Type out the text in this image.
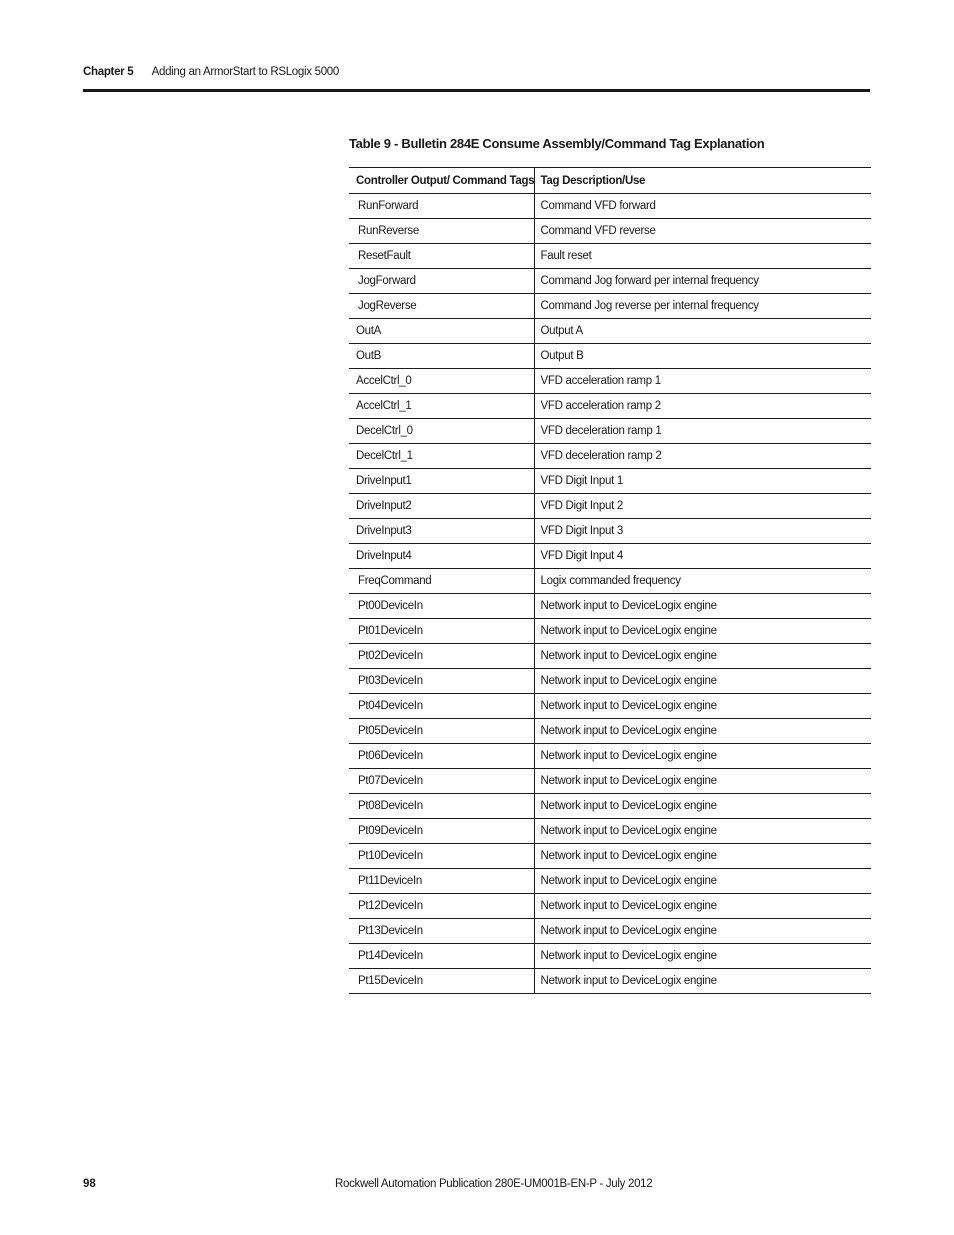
Chapter 5 Adding an ArmorStart to RSLogix 5000
Table 9 - Bulletin 284E Consume Assembly/Command Tag Explanation
Controller Output/ Command Tags	Tag Description/Use
RunForward	Command VFD forward
RunReverse	Command VFD reverse
ResetFault	Fault reset
JogForward	Command Jog forward per internal frequency
JogReverse	Command Jog reverse per internal frequency
OutA	Output A
OutB	Output B
AccelCtrl_0	VFD acceleration ramp 1
AccelCtrl_1	VFD acceleration ramp 2
DecelCtrl_0	VFD deceleration ramp 1
DecelCtrl_1	VFD deceleration ramp 2
DriveInput1	VFD Digit Input 1
DriveInput2	VFD Digit Input 2
DriveInput3	VFD Digit Input 3
DriveInput4	VFD Digit Input 4
FreqCommand	Logix commanded frequency
Pt00DeviceIn	Network input to DeviceLogix engine
Pt01DeviceIn	Network input to DeviceLogix engine
Pt02DeviceIn	Network input to DeviceLogix engine
Pt03DeviceIn	Network input to DeviceLogix engine
Pt04DeviceIn	Network input to DeviceLogix engine
Pt05DeviceIn	Network input to DeviceLogix engine
Pt06DeviceIn	Network input to DeviceLogix engine
Pt07DeviceIn	Network input to DeviceLogix engine
Pt08DeviceIn	Network input to DeviceLogix engine
Pt09DeviceIn	Network input to DeviceLogix engine
Pt10DeviceIn	Network input to DeviceLogix engine
Pt11DeviceIn	Network input to DeviceLogix engine
Pt12DeviceIn	Network input to DeviceLogix engine
Pt13DeviceIn	Network input to DeviceLogix engine
Pt14DeviceIn	Network input to DeviceLogix engine
Pt15DeviceIn	Network input to DeviceLogix engine
98	Rockwell Automation Publication 280E-UM001B-EN-P - July 2012
